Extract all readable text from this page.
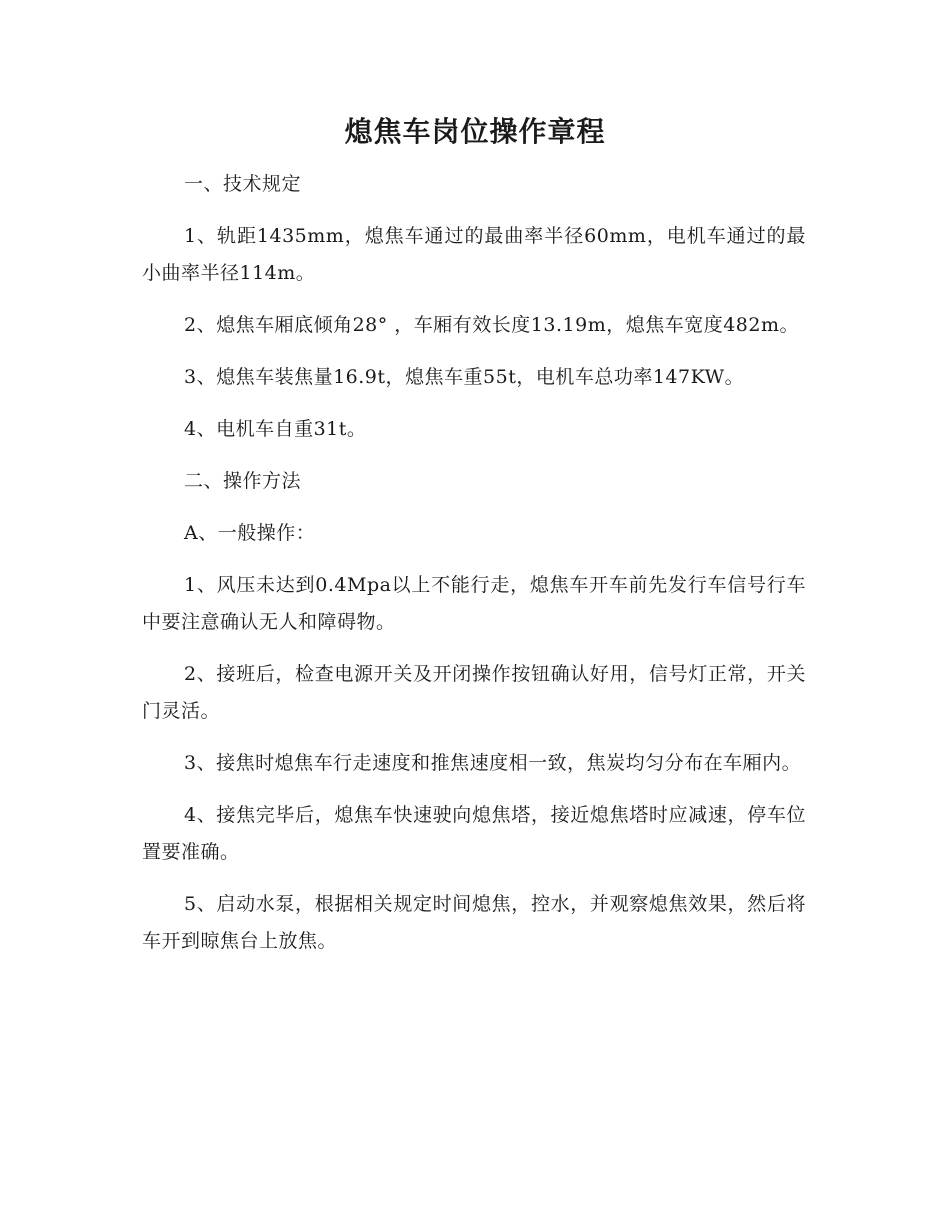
熄焦车岗位操作章程

一、技术规定

1、轨距1435mm，熄焦车通过的最曲率半径60mm，电机车通过的最小曲率半径114m。

2、熄焦车厢底倾角28° ，车厢有效长度13.19m，熄焦车宽度482m。

3、熄焦车装焦量16.9t，熄焦车重55t，电机车总功率147KW。

4、电机车自重31t。

二、操作方法

A、一般操作：

1、风压未达到0.4Mpa以上不能行走，熄焦车开车前先发行车信号行车中要注意确认无人和障碍物。

2、接班后，检查电源开关及开闭操作按钮确认好用，信号灯正常，开关门灵活。

3、接焦时熄焦车行走速度和推焦速度相一致，焦炭均匀分布在车厢内。

4、接焦完毕后，熄焦车快速驶向熄焦塔，接近熄焦塔时应减速，停车位置要准确。

5、启动水泵，根据相关规定时间熄焦，控水，并观察熄焦效果，然后将车开到晾焦台上放焦。
